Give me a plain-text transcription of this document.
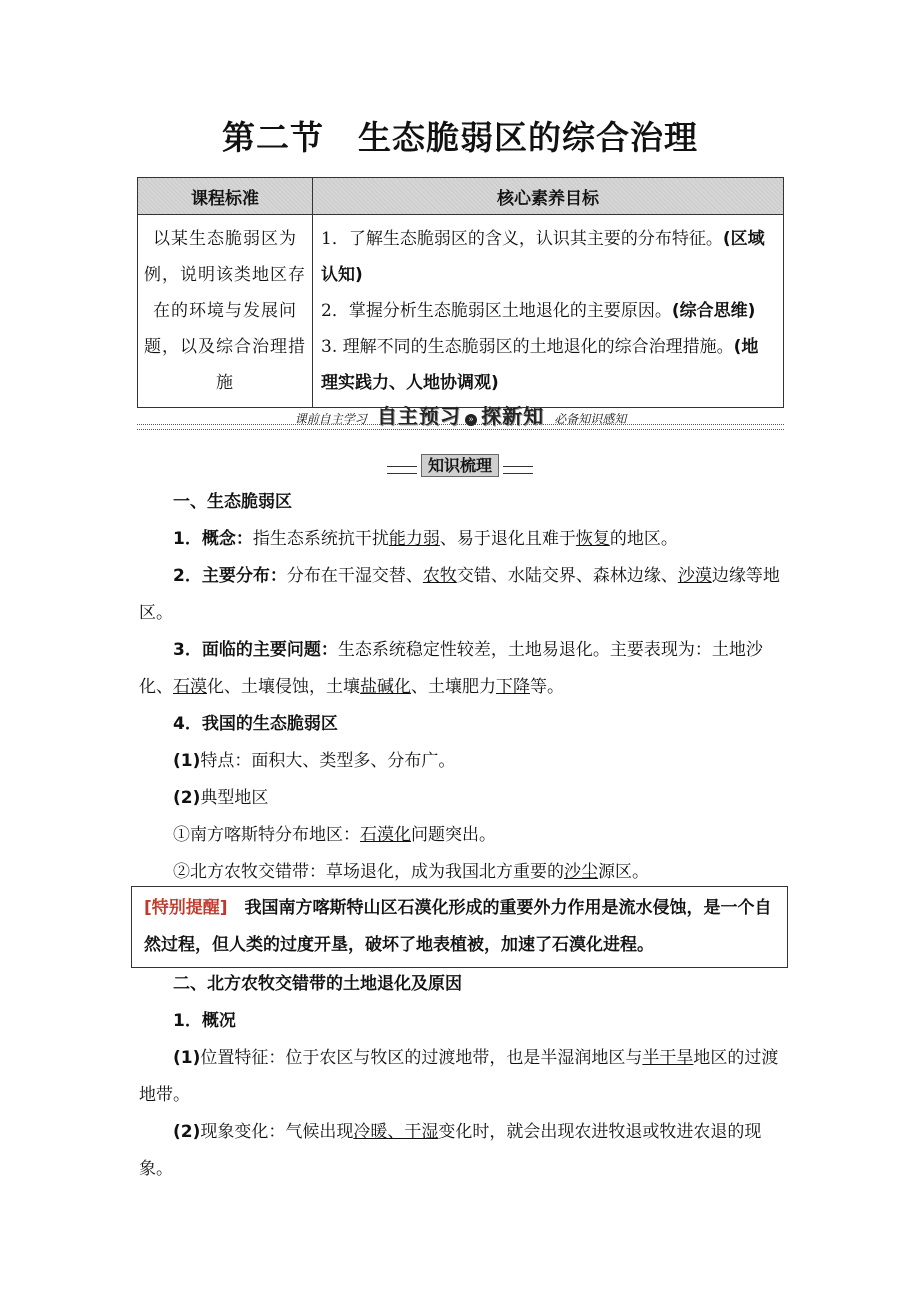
第二节　生态脆弱区的综合治理
课程标准	核心素养目标
以某生态脆弱区为例，说明该类地区存在的环境与发展问题，以及综合治理措施	1．了解生态脆弱区的含义，认识其主要的分布特征。(区域认知)
2．掌握分析生态脆弱区土地退化的主要原因。(综合思维)
3. 理解不同的生态脆弱区的土地退化的综合治理措施。(地理实践力、人地协调观)
课前自主学习 自主预习 » 探新知 必备知识感知
知识梳理

一、生态脆弱区

1．概念：指生态系统抗干扰能力弱、易于退化且难于恢复的地区。

2．主要分布：分布在干湿交替、农牧交错、水陆交界、森林边缘、沙漠边缘等地区。

3．面临的主要问题：生态系统稳定性较差，土地易退化。主要表现为：土地沙化、石漠化、土壤侵蚀，土壤盐碱化、土壤肥力下降等。

4．我国的生态脆弱区

(1)特点：面积大、类型多、分布广。

(2)典型地区

①南方喀斯特分布地区：石漠化问题突出。

②北方农牧交错带：草场退化，成为我国北方重要的沙尘源区。

[特别提醒]　我国南方喀斯特山区石漠化形成的重要外力作用是流水侵蚀，是一个自然过程，但人类的过度开垦，破坏了地表植被，加速了石漠化进程。

二、北方农牧交错带的土地退化及原因

1．概况

(1)位置特征：位于农区与牧区的过渡地带，也是半湿润地区与半干旱地区的过渡地带。

(2)现象变化：气候出现冷暖、干湿变化时，就会出现农进牧退或牧进农退的现象。
